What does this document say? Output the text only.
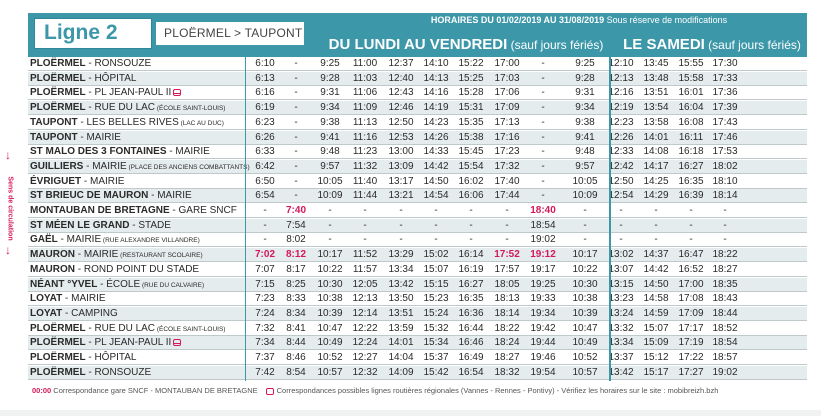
Ligne 2	PLOËRMEL > TAUPONT
HORAIRES DU 01/02/2019 AU 31/08/2019 Sous réserve de modifications
DU LUNDI AU VENDREDI (sauf jours fériés)	LE SAMEDI (sauf jours fériés)
PLOËRMEL - RONSOUZE	6:10	-	9:25	11:00	12:37 14:10 15:22	17:00	-	9:25	12:10 13:45 15:55 17:30
PLOËRMEL - HÔPITAL	6:13	-	9:28	11:03	12:40 14:13 15:25	17:03	-	9:28	12:13 13:48 15:58 17:33
PLOËRMEL - PL JEAN-PAUL II	6:16	-	9:31	11:06	12:43 14:16 15:28	17:06	-	9:31	12:16 13:51 16:01 17:36
PLOËRMEL - RUE DU LAC (ÉCOLE SAINT-LOUIS)	6:19	-	9:34	11:09	12:46 14:19 15:31	17:09	-	9:34	12:19 13:54 16:04 17:39
TAUPONT - LES BELLES RIVES (LAC AU DUC)	6:23	-	9:38	11:13	12:50 14:23 15:35	17:13	-	9:38	12:23 13:58 16:08 17:43
TAUPONT - MAIRIE	6:26	-	9:41	11:16	12:53 14:26 15:38	17:16	-	9:41	12:26 14:01	16:11 17:46
ST MALO DES 3 FONTAINES - MAIRIE	6:33	-	9:48	11:23	13:00 14:33 15:45	17:23	-	9:48	12:33 14:08 16:18 17:53
GUILLIERS - MAIRIE (PLACE DES ANCIENS COMBATTANTS) 6:42	-	9:57	11:32	13:09 14:42 15:54	17:32	-	9:57	12:42 14:17 16:27 18:02
ÉVRIGUET - MAIRIE	6:50	-	10:05	11:40	13:17 14:50 16:02	17:40	-	10:05	12:50 14:25 16:35 18:10
ST BRIEUC DE MAURON - MAIRIE	6:54	-	10:09	11:44	13:21 14:54 16:06	17:44	-	10:09	12:54 14:29 16:39 18:14
MONTAUBAN DE BRETAGNE - GARE SNCF	-	7:40	-	-	-	-	-	-	18:40	-	-	-	-	-
ST MÉEN LE GRAND - STADE	-	7:54	-	-	-	-	-	-	18:54	-	-	-	-	-
GAËL - MAIRIE (RUE ALEXANDRE VILLANDRE)	-	8:02	-	-	-	-	-	-	19:02	-	-	-	-	-
MAURON - MAIRIE (RESTAURANT SCOLAIRE)	7:02	8:12	10:17	11:52	13:29 15:02 16:14	17:52	19:12	10:17	13:02 14:37 16:47 18:22
MAURON - ROND POINT DU STADE	7:07	8:17	10:22	11:57	13:34 15:07 16:19	17:57	19:17	10:22	13:07 14:42 16:52 18:27
NÉANT °YVEL - ÉCOLE (RUE DU CALVAIRE)	7:15	8:25	10:30 12:05	13:42 15:15 16:27	18:05	19:25	10:30	13:15 14:50 17:00 18:35
LOYAT - MAIRIE	7:23	8:33	10:38 12:13	13:50 15:23 16:35	18:13	19:33	10:38	13:23 14:58 17:08 18:43
LOYAT - CAMPING	7:24	8:34	10:39 12:14	13:51 15:24 16:36	18:14	19:34	10:39	13:24 14:59 17:09 18:44
PLOËRMEL - RUE DU LAC (ÉCOLE SAINT-LOUIS)	7:32	8:41	10:47 12:22	13:59 15:32 16:44	18:22	19:42	10:47	13:32 15:07 17:17 18:52
PLOËRMEL - PL JEAN-PAUL II	7:34	8:44	10:49 12:24	14:01 15:34 16:46	18:24	19:44	10:49	13:34 15:09 17:19 18:54
PLOËRMEL - HÔPITAL	7:37	8:46	10:52 12:27	14:04 15:37 16:49	18:27	19:46	10:52	13:37 15:12 17:22 18:57
PLOËRMEL - RONSOUZE	7:42	8:54	10:57 12:32	14:09 15:42 16:54	18:32	19:54	10:57	13:42 15:17 17:27 19:02
↓
Sens de circulation
↓
00:00 Correspondance gare SNCF - MONTAUBAN DE BRETAGNE	Correspondances possibles lignes routières régionales (Vannes - Rennes - Pontivy) - Vérifiez les horaires sur le site : mobibreizh.bzh
